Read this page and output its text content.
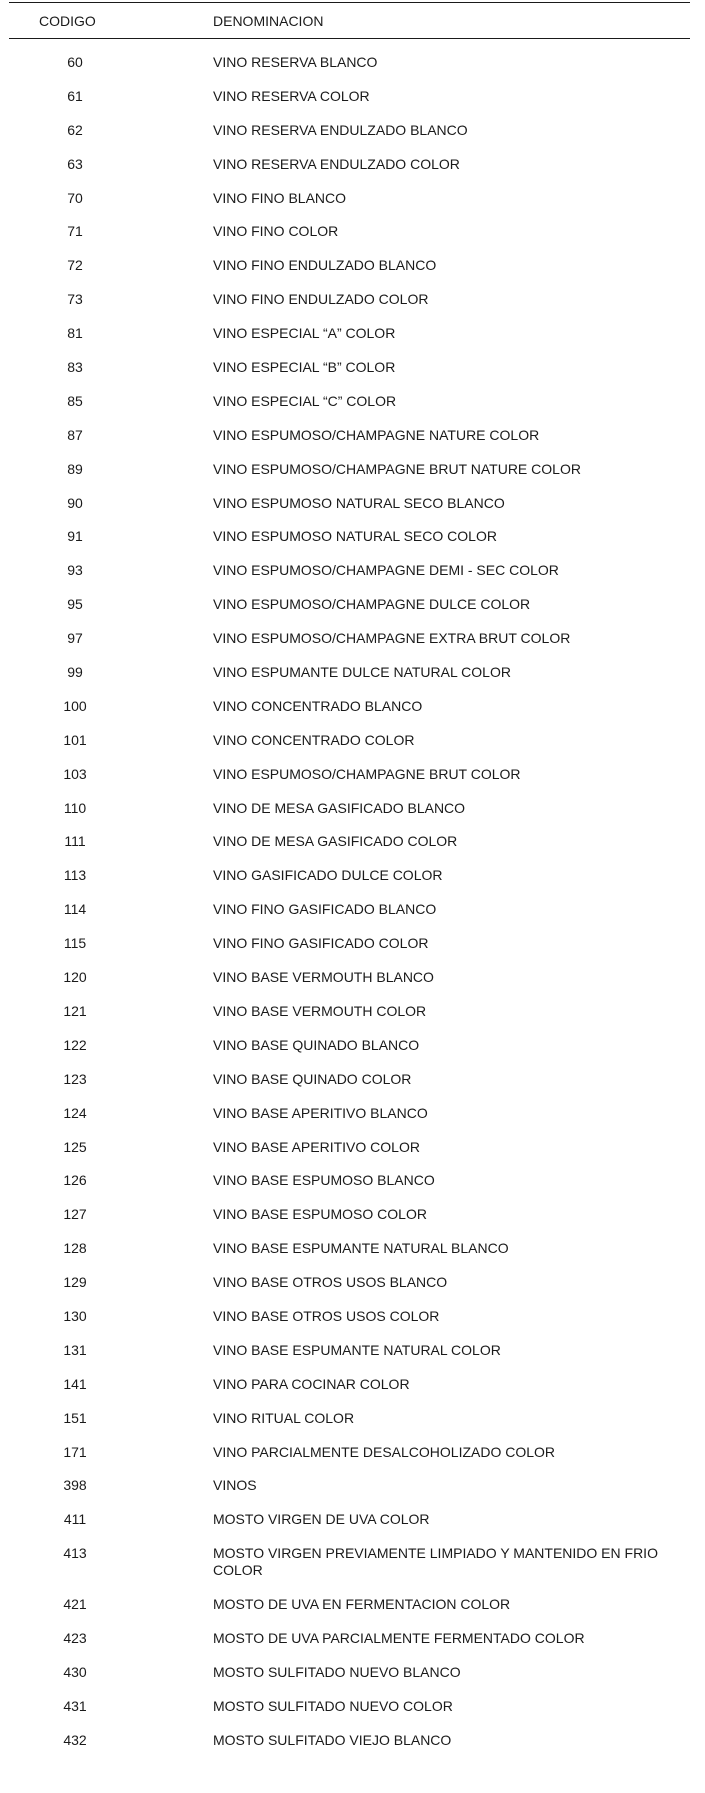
CODIGO	DENOMINACION
60	VINO RESERVA BLANCO
61	VINO RESERVA COLOR
62	VINO RESERVA ENDULZADO BLANCO
63	VINO RESERVA ENDULZADO COLOR
70	VINO FINO BLANCO
71	VINO FINO COLOR
72	VINO FINO ENDULZADO BLANCO
73	VINO FINO ENDULZADO COLOR
81	VINO ESPECIAL “A” COLOR
83	VINO ESPECIAL “B” COLOR
85	VINO ESPECIAL “C” COLOR
87	VINO ESPUMOSO/CHAMPAGNE NATURE COLOR
89	VINO ESPUMOSO/CHAMPAGNE BRUT NATURE COLOR
90	VINO ESPUMOSO NATURAL SECO BLANCO
91	VINO ESPUMOSO NATURAL SECO COLOR
93	VINO ESPUMOSO/CHAMPAGNE DEMI - SEC COLOR
95	VINO ESPUMOSO/CHAMPAGNE DULCE COLOR
97	VINO ESPUMOSO/CHAMPAGNE EXTRA BRUT COLOR
99	VINO ESPUMANTE DULCE NATURAL COLOR
100	VINO CONCENTRADO BLANCO
101	VINO CONCENTRADO COLOR
103	VINO ESPUMOSO/CHAMPAGNE BRUT COLOR
110	VINO DE MESA GASIFICADO BLANCO
111	VINO DE MESA GASIFICADO COLOR
113	VINO GASIFICADO DULCE COLOR
114	VINO FINO GASIFICADO BLANCO
115	VINO FINO GASIFICADO COLOR
120	VINO BASE VERMOUTH BLANCO
121	VINO BASE VERMOUTH COLOR
122	VINO BASE QUINADO BLANCO
123	VINO BASE QUINADO COLOR
124	VINO BASE APERITIVO BLANCO
125	VINO BASE APERITIVO COLOR
126	VINO BASE ESPUMOSO BLANCO
127	VINO BASE ESPUMOSO COLOR
128	VINO BASE ESPUMANTE NATURAL BLANCO
129	VINO BASE OTROS USOS BLANCO
130	VINO BASE OTROS USOS COLOR
131	VINO BASE ESPUMANTE NATURAL COLOR
141	VINO PARA COCINAR COLOR
151	VINO RITUAL COLOR
171	VINO PARCIALMENTE DESALCOHOLIZADO COLOR
398	VINOS
411	MOSTO VIRGEN DE UVA COLOR
413	MOSTO VIRGEN PREVIAMENTE LIMPIADO Y MANTENIDO EN FRIO COLOR
421	MOSTO DE UVA EN FERMENTACION COLOR
423	MOSTO DE UVA PARCIALMENTE FERMENTADO COLOR
430	MOSTO SULFITADO NUEVO BLANCO
431	MOSTO SULFITADO NUEVO COLOR
432	MOSTO SULFITADO VIEJO BLANCO
